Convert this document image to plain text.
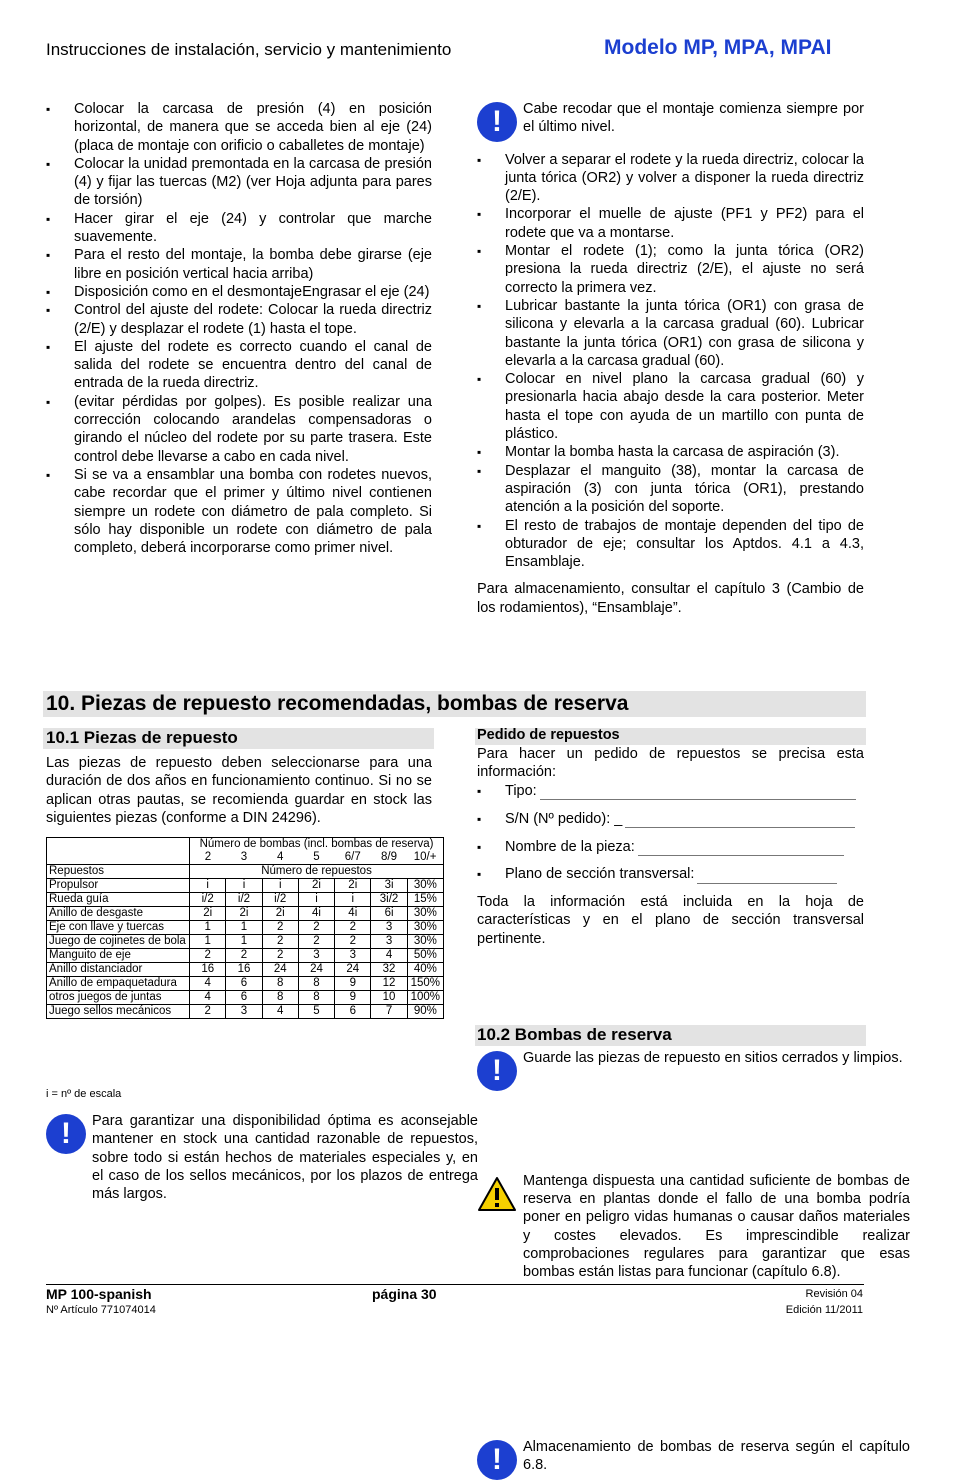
Instrucciones de instalación, servicio y mantenimiento	Modelo MP, MPA, MPAI
▪ Colocar la carcasa de presión (4) en posición horizontal, de manera que se acceda bien al eje (24) (placa de montaje con orificio o caballetes de montaje)
▪ Colocar la unidad premontada en la carcasa de presión (4) y fijar las tuercas (M2) (ver Hoja adjunta para pares de torsión)
▪ Hacer girar el eje (24) y controlar que marche suavemente.
▪ Para el resto del montaje, la bomba debe girarse (eje libre en posición vertical hacia arriba)
▪ Disposición como en el desmontajeEngrasar el eje (24)
▪ Control del ajuste del rodete: Colocar la rueda directriz (2/E) y desplazar el rodete (1) hasta el tope.
▪ El ajuste del rodete es correcto cuando el canal de salida del rodete se encuentra dentro del canal de entrada de la rueda directriz.
▪ (evitar pérdidas por golpes). Es posible realizar una corrección colocando arandelas compensadoras o girando el núcleo del rodete por su parte trasera. Este control debe llevarse a cabo en cada nivel.
▪ Si se va a ensamblar una bomba con rodetes nuevos, cabe recordar que el primer y último nivel contienen siempre un rodete con diámetro de pala completo. Si sólo hay disponible un rodete con diámetro de pala completo, deberá incorporarse como primer nivel.
!	Cabe recodar que el montaje comienza siempre por el último nivel.

▪ Volver a separar el rodete y la rueda directriz, colocar la junta tórica (OR2) y volver a disponer la rueda directriz (2/E).
▪ Incorporar el muelle de ajuste (PF1 y PF2) para el rodete que va a montarse.
▪ Montar el rodete (1); como la junta tórica (OR2) presiona la rueda directriz (2/E), el ajuste no será correcto la primera vez.
▪ Lubricar bastante la junta tórica (OR1) con grasa de silicona y elevarla a la carcasa gradual (60). Lubricar bastante la junta tórica (OR1) con grasa de silicona y elevarla a la carcasa gradual (60).
▪ Colocar en nivel plano la carcasa gradual (60) y presionarla hacia abajo desde la cara posterior. Meter hasta el tope con ayuda de un martillo con punta de plástico.
▪ Montar la bomba hasta la carcasa de aspiración (3).
▪ Desplazar el manguito (38), montar la carcasa de aspiración (3) con junta tórica (OR1), prestando atención a la posición del soporte.
▪ El resto de trabajos de montaje dependen del tipo de obturador de eje; consultar los Aptdos. 4.1 a 4.3, Ensamblaje.

Para almacenamiento, consultar el capítulo 3 (Cambio de los rodamientos), “Ensamblaje”.

10. Piezas de repuesto recomendadas, bombas de reserva
10.1 Piezas de repuesto
Las piezas de repuesto deben seleccionarse para una duración de dos años en funcionamiento continuo. Si no se aplican otras pautas, se recomienda guardar en stock las siguientes piezas (conforme a DIN 24296).
	Número de bombas (incl. bombas de reserva)						
	2	3	4	5	6/7	8/9	10/+
Repuestos	Número de repuestos						
Propulsor	i	i	i	2i	2i	3i	30%
Rueda guía	i/2	i/2	i/2	i	i	3i/2	15%
Anillo de desgaste	2i	2i	2i	4i	4i	6i	30%
Eje con llave y tuercas	1	1	2	2	2	3	30%
Juego de cojinetes de bola	1	1	2	2	2	3	30%
Manguito de eje	2	2	2	3	3	4	50%
Anillo distanciador	16	16	24	24	24	32	40%
Anillo de empaquetadura	4	6	8	8	9	12	150%
otros juegos de juntas	4	6	8	8	9	10	100%
Juego sellos mecánicos	2	3	4	5	6	7	90%
i = nº de escala
!	Para garantizar una disponibilidad óptima es aconsejable mantener en stock una cantidad razonable de repuestos, sobre todo si están hechos de materiales especiales y, en el caso de los sellos mecánicos, por los plazos de entrega más largos.

Pedido de repuestos
Para hacer un pedido de repuestos se precisa esta información:
▪ Tipo:
▪ S/N (Nº pedido): _
▪ Nombre de la pieza:
▪ Plano de sección transversal:
Toda la información está incluida en la hoja de características y en el plano de sección transversal pertinente.
!	Guarde las piezas de repuesto en sitios cerrados y limpios.

10.2 Bombas de reserva

Mantenga dispuesta una cantidad suficiente de bombas de reserva en plantas donde el fallo de una bomba podría poner en peligro vidas humanas o causar daños materiales y costes elevados. Es imprescindible realizar comprobaciones regulares para garantizar que esas bombas están listas para funcionar (capítulo 6.8).

!	Almacenamiento de bombas de reserva según el capítulo 6.8.

MP 100-spanish
Nº Artículo 771074014
página 30	Revisión 04
Edición 11/2011
